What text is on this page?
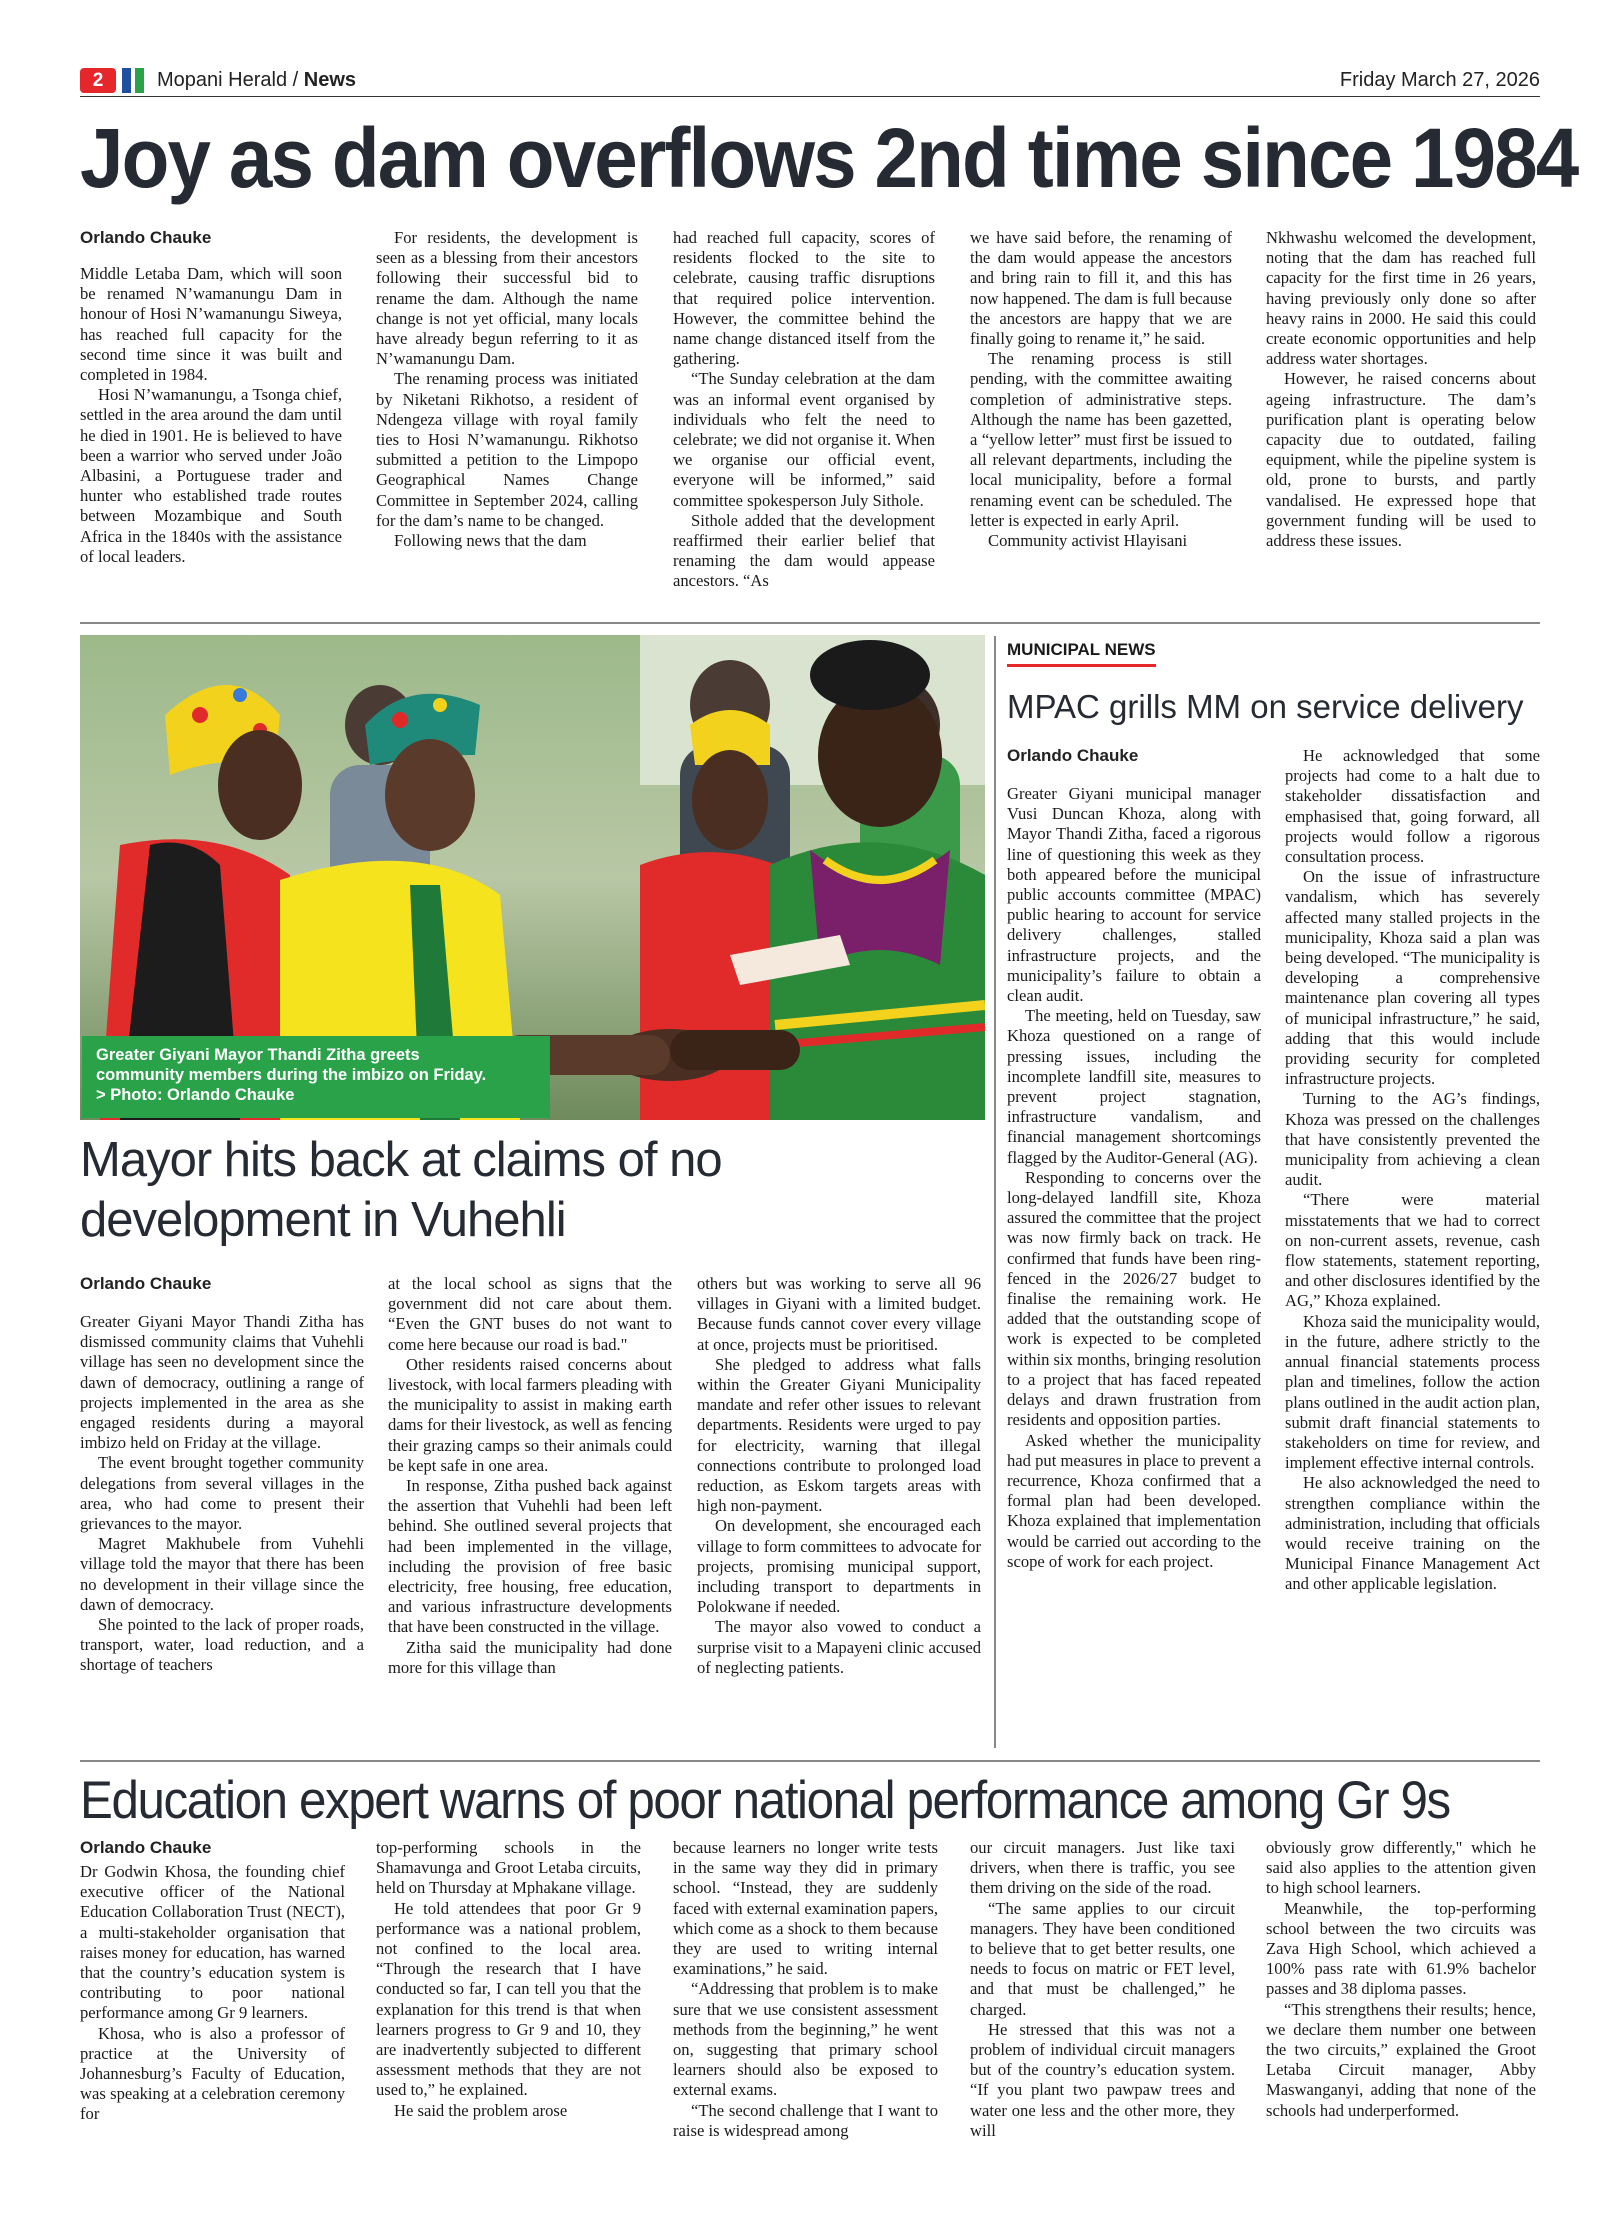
2	Mopani Herald / News	Friday March 27, 2026
Joy as dam overflows 2nd time since 1984
Orlando Chauke

Middle Letaba Dam, which will soon be renamed N’wamanungu Dam in honour of Hosi N’wamanungu Siweya, has reached full capacity for the second time since it was built and completed in 1984.

Hosi N’wamanungu, a Tsonga chief, settled in the area around the dam until he died in 1901. He is believed to have been a warrior who served under João Albasini, a Portuguese trader and hunter who established trade routes between Mozambique and South Africa in the 1840s with the assistance of local leaders.

For residents, the development is seen as a blessing from their ancestors following their successful bid to rename the dam. Although the name change is not yet official, many locals have already begun referring to it as N’wamanungu Dam.

The renaming process was initiated by Niketani Rikhotso, a resident of Ndengeza village with royal family ties to Hosi N’wamanungu. Rikhotso submitted a petition to the Limpopo Geographical Names Change Committee in September 2024, calling for the dam’s name to be changed.

Following news that the dam

had reached full capacity, scores of residents flocked to the site to celebrate, causing traffic disruptions that required police intervention. However, the committee behind the name change distanced itself from the gathering.

“The Sunday celebration at the dam was an informal event organised by individuals who felt the need to celebrate; we did not organise it. When we organise our official event, everyone will be informed,” said committee spokesperson July Sithole.

Sithole added that the development reaffirmed their earlier belief that renaming the dam would appease ancestors. “As

we have said before, the renaming of the dam would appease the ancestors and bring rain to fill it, and this has now happened. The dam is full because the ancestors are happy that we are finally going to rename it,” he said.

The renaming process is still pending, with the committee awaiting completion of administrative steps. Although the name has been gazetted, a “yellow letter” must first be issued to all relevant departments, including the local municipality, before a formal renaming event can be scheduled. The letter is expected in early April.

Community activist Hlayisani

Nkhwashu welcomed the development, noting that the dam has reached full capacity for the first time in 26 years, having previously only done so after heavy rains in 2000. He said this could create economic opportunities and help address water shortages.

However, he raised concerns about ageing infrastructure. The dam’s purification plant is operating below capacity due to outdated, failing equipment, while the pipeline system is old, prone to bursts, and partly vandalised. He expressed hope that government funding will be used to address these issues.

Greater Giyani Mayor Thandi Zitha greets
community members during the imbizo on Friday.
> Photo: Orlando Chauke
Mayor hits back at claims of no
development in Vuhehli
Orlando Chauke

Greater Giyani Mayor Thandi Zitha has dismissed community claims that Vuhehli village has seen no development since the dawn of democracy, outlining a range of projects implemented in the area as she engaged residents during a mayoral imbizo held on Friday at the village.

The event brought together community delegations from several villages in the area, who had come to present their grievances to the mayor.

Magret Makhubele from Vuhehli village told the mayor that there has been no development in their village since the dawn of democracy.

She pointed to the lack of proper roads, transport, water, load reduction, and a shortage of teachers

at the local school as signs that the government did not care about them. “Even the GNT buses do not want to come here because our road is bad."

Other residents raised concerns about livestock, with local farmers pleading with the municipality to assist in making earth dams for their livestock, as well as fencing their grazing camps so their animals could be kept safe in one area.

In response, Zitha pushed back against the assertion that Vuhehli had been left behind. She outlined several projects that had been implemented in the village, including the provision of free basic electricity, free housing, free education, and various infrastructure developments that have been constructed in the village.

Zitha said the municipality had done more for this village than

others but was working to serve all 96 villages in Giyani with a limited budget. Because funds cannot cover every village at once, projects must be prioritised.

She pledged to address what falls within the Greater Giyani Municipality mandate and refer other issues to relevant departments. Residents were urged to pay for electricity, warning that illegal connections contribute to prolonged load reduction, as Eskom targets areas with high non-payment.

On development, she encouraged each village to form committees to advocate for projects, promising municipal support, including transport to departments in Polokwane if needed.

The mayor also vowed to conduct a surprise visit to a Mapayeni clinic accused of neglecting patients.

MUNICIPAL NEWS
MPAC grills MM on service delivery
Orlando Chauke

Greater Giyani municipal manager Vusi Duncan Khoza, along with Mayor Thandi Zitha, faced a rigorous line of questioning this week as they both appeared before the municipal public accounts committee (MPAC) public hearing to account for service delivery challenges, stalled infrastructure projects, and the municipality’s failure to obtain a clean audit.

The meeting, held on Tuesday, saw Khoza questioned on a range of pressing issues, including the incomplete landfill site, measures to prevent project stagnation, infrastructure vandalism, and financial management shortcomings flagged by the Auditor-General (AG).

Responding to concerns over the long-delayed landfill site, Khoza assured the committee that the project was now firmly back on track. He confirmed that funds have been ring-fenced in the 2026/27 budget to finalise the remaining work. He added that the outstanding scope of work is expected to be completed within six months, bringing resolution to a project that has faced repeated delays and drawn frustration from residents and opposition parties.

Asked whether the municipality had put measures in place to prevent a recurrence, Khoza confirmed that a formal plan had been developed. Khoza explained that implementation would be carried out according to the scope of work for each project.

He acknowledged that some projects had come to a halt due to stakeholder dissatisfaction and emphasised that, going forward, all projects would follow a rigorous consultation process.

On the issue of infrastructure vandalism, which has severely affected many stalled projects in the municipality, Khoza said a plan was being developed. “The municipality is developing a comprehensive maintenance plan covering all types of municipal infrastructure,” he said, adding that this would include providing security for completed infrastructure projects.

Turning to the AG’s findings, Khoza was pressed on the challenges that have consistently prevented the municipality from achieving a clean audit.

“There were material misstatements that we had to correct on non-current assets, revenue, cash flow statements, statement reporting, and other disclosures identified by the AG,” Khoza explained.

Khoza said the municipality would, in the future, adhere strictly to the annual financial statements process plan and timelines, follow the action plans outlined in the audit action plan, submit draft financial statements to stakeholders on time for review, and implement effective internal controls.

He also acknowledged the need to strengthen compliance within the administration, including that officials would receive training on the Municipal Finance Management Act and other applicable legislation.

Education expert warns of poor national performance among Gr 9s
Orlando Chauke

Dr Godwin Khosa, the founding chief executive officer of the National Education Collaboration Trust (NECT), a multi-stakeholder organisation that raises money for education, has warned that the country’s education system is contributing to poor national performance among Gr 9 learners.

Khosa, who is also a professor of practice at the University of Johannesburg’s Faculty of Education, was speaking at a celebration ceremony for

top-performing schools in the Shamavunga and Groot Letaba circuits, held on Thursday at Mphakane village.

He told attendees that poor Gr 9 performance was a national problem, not confined to the local area. “Through the research that I have conducted so far, I can tell you that the explanation for this trend is that when learners progress to Gr 9 and 10, they are inadvertently subjected to different assessment methods that they are not used to,” he explained.

He said the problem arose

because learners no longer write tests in the same way they did in primary school. “Instead, they are suddenly faced with external examination papers, which come as a shock to them because they are used to writing internal examinations,” he said.

“Addressing that problem is to make sure that we use consistent assessment methods from the beginning,” he went on, suggesting that primary school learners should also be exposed to external exams.

“The second challenge that I want to raise is widespread among

our circuit managers. Just like taxi drivers, when there is traffic, you see them driving on the side of the road.

“The same applies to our circuit managers. They have been conditioned to believe that to get better results, one needs to focus on matric or FET level, and that must be challenged,” he charged.

He stressed that this was not a problem of individual circuit managers but of the country’s education system. “If you plant two pawpaw trees and water one less and the other more, they will

obviously grow differently," which he said also applies to the attention given to high school learners.

Meanwhile, the top-performing school between the two circuits was Zava High School, which achieved a 100% pass rate with 61.9% bachelor passes and 38 diploma passes.

“This strengthens their results; hence, we declare them number one between the two circuits,” explained the Groot Letaba Circuit manager, Abby Maswanganyi, adding that none of the schools had underperformed.
